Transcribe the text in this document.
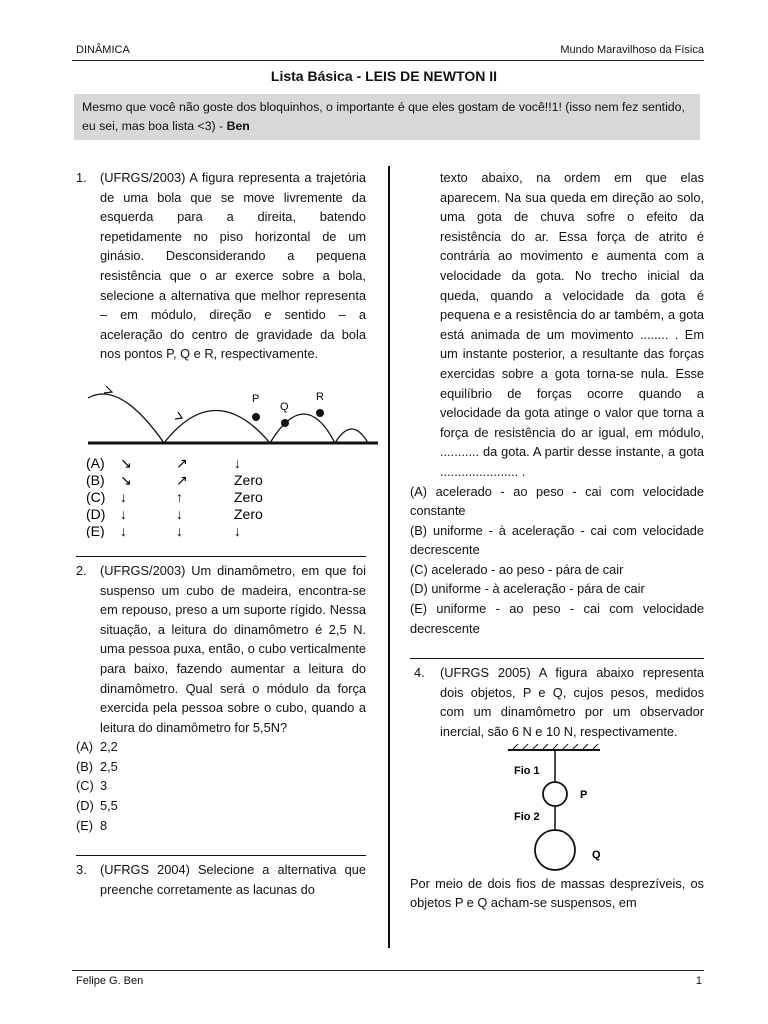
DINÂMICA	Mundo Maravilhoso da Física
Lista Básica - LEIS DE NEWTON II
Mesmo que você não goste dos bloquinhos, o importante é que eles gostam de você!!1! (isso nem fez sentido, eu sei, mas boa lista <3) - Ben
1. (UFRGS/2003) A figura representa a trajetória de uma bola que se move livremente da esquerda para a direita, batendo repetidamente no piso horizontal de um ginásio. Desconsiderando a pequena resistência que o ar exerce sobre a bola, selecione a alternativa que melhor representa – em módulo, direção e sentido – a aceleração do centro de gravidade da bola nos pontos P, Q e R, respectivamente.
P
Q
R
(A) ↘	↗	↓
(B) ↘	↗	Zero
(C) ↓	↑	Zero
(D) ↓	↓	Zero
(E) ↓	↓	↓
2. (UFRGS/2003) Um dinamômetro, em que foi suspenso um cubo de madeira, encontra-se em repouso, preso a um suporte rígido. Nessa situação, a leitura do dinamômetro é 2,5 N. uma pessoa puxa, então, o cubo verticalmente para baixo, fazendo aumentar a leitura do dinamômetro. Qual será o módulo da força exercida pela pessoa sobre o cubo, quando a leitura do dinamômetro for 5,5N?
(A) 2,2
(B) 2,5
(C) 3
(D) 5,5
(E) 8
3. (UFRGS 2004) Selecione a alternativa que preenche corretamente as lacunas do
texto abaixo, na ordem em que elas aparecem. Na sua queda em direção ao solo, uma gota de chuva sofre o efeito da resistência do ar. Essa força de atrito é contrária ao movimento e aumenta com a velocidade da gota. No trecho inicial da queda, quando a velocidade da gota é pequena e a resistência do ar também, a gota está animada de um movimento ........ . Em um instante posterior, a resultante das forças exercidas sobre a gota torna-se nula. Esse equilíbrio de forças ocorre quando a velocidade da gota atinge o valor que torna a força de resistência do ar igual, em módulo, ........... da gota. A partir desse instante, a gota ...................... .
(A) acelerado - ao peso - cai com velocidade constante
(B) uniforme - à aceleração - cai com velocidade decrescente
(C) acelerado - ao peso - pára de cair
(D) uniforme - à aceleração - pára de cair
(E) uniforme - ao peso - cai com velocidade decrescente
4. (UFRGS 2005) A figura abaixo representa dois objetos, P e Q, cujos pesos, medidos com um dinamômetro por um observador inercial, são 6 N e 10 N, respectivamente.
Fio 1
P
Fio 2
Q
Por meio de dois fios de massas desprezíveis, os objetos P e Q acham-se suspensos, em
Felipe G. Ben	1
